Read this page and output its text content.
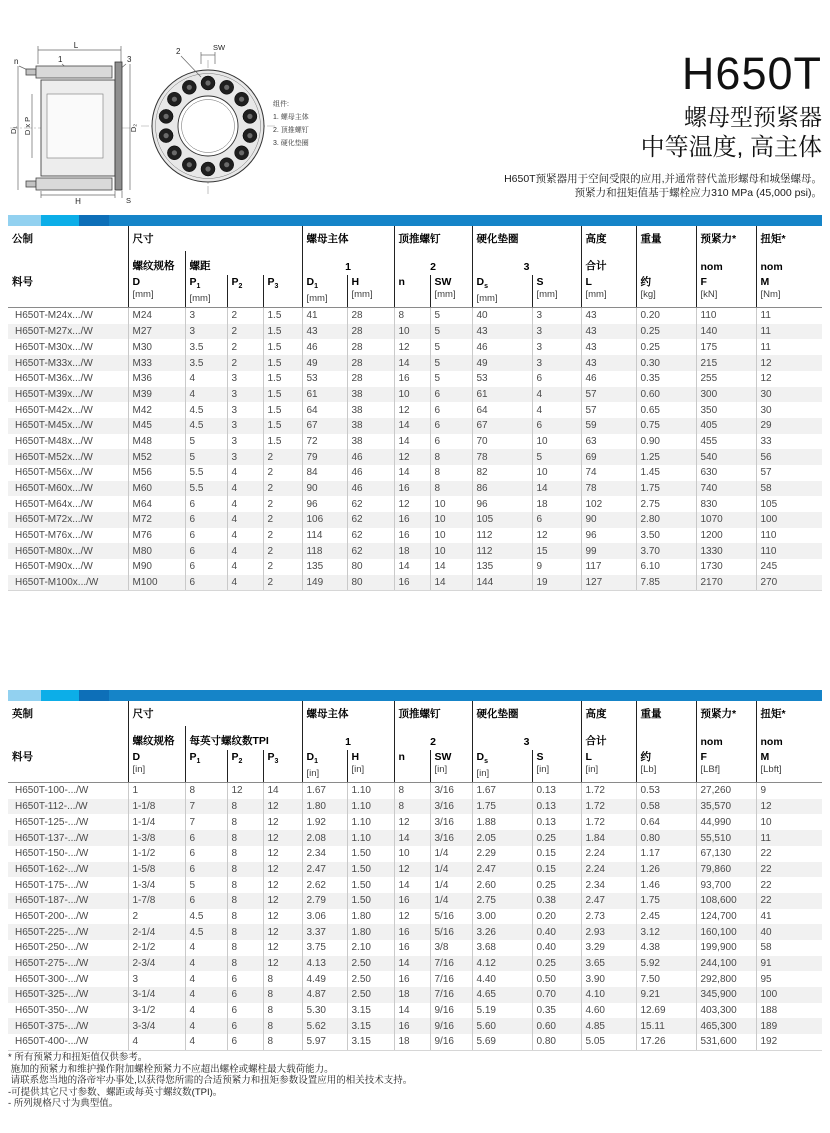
L
n	1	3
D₁ D x P	D₂
H	S
2	SW
组件:
1. 螺母主体
2. 顶推螺钉
3. 硬化垫圈
H650T
螺母型预紧器
中等温度, 高主体
H650T预紧器用于空间受限的应用,并通常替代盖形螺母和城堡螺母。
预紧力和扭矩值基于螺栓应力310 MPa (45,000 psi)。
公制	尺寸				螺母主体		顶推螺钉		硬化垫圈		高度	重量	预紧力*	扭矩*
	螺纹规格	螺距			1		2		3		合计		nom	nom

料号	D
[mm]

$P_1$
[mm]

$P_2$	$P_3$	$D_1$
[mm]

H
[mm]

n	SW
[mm]

$D_s$
[mm]

S
[mm]

L
[mm]

约
[kg]

F
[kN]

M
[Nm]

H650T-M24x.../W	M24	3	2	1.5	41	28	8	5	40	3	43	0.20	110	11
H650T-M27x.../W	M27	3	2	1.5	43	28	10	5	43	3	43	0.25	140	11
H650T-M30x.../W	M30	3.5	2	1.5	46	28	12	5	46	3	43	0.25	175	11
H650T-M33x.../W	M33	3.5	2	1.5	49	28	14	5	49	3	43	0.30	215	12
H650T-M36x.../W	M36	4	3	1.5	53	28	16	5	53	6	46	0.35	255	12
H650T-M39x.../W	M39	4	3	1.5	61	38	10	6	61	4	57	0.60	300	30
H650T-M42x.../W	M42	4.5	3	1.5	64	38	12	6	64	4	57	0.65	350	30
H650T-M45x.../W	M45	4.5	3	1.5	67	38	14	6	67	6	59	0.75	405	29
H650T-M48x.../W	M48	5	3	1.5	72	38	14	6	70	10	63	0.90	455	33
H650T-M52x.../W	M52	5	3	2	79	46	12	8	78	5	69	1.25	540	56
H650T-M56x.../W	M56	5.5	4	2	84	46	14	8	82	10	74	1.45	630	57
H650T-M60x.../W	M60	5.5	4	2	90	46	16	8	86	14	78	1.75	740	58
H650T-M64x.../W	M64	6	4	2	96	62	12	10	96	18	102	2.75	830	105
H650T-M72x.../W	M72	6	4	2	106	62	16	10	105	6	90	2.80	1070	100
H650T-M76x.../W	M76	6	4	2	114	62	16	10	112	12	96	3.50	1200	110
H650T-M80x.../W	M80	6	4	2	118	62	18	10	112	15	99	3.70	1330	110
H650T-M90x.../W	M90	6	4	2	135	80	14	14	135	9	117	6.10	1730	245
H650T-M100x.../W	M100	6	4	2	149	80	16	14	144	19	127	7.85	2170	270
英制	尺寸				螺母主体		顶推螺钉		硬化垫圈		高度	重量	预紧力*	扭矩*
	螺纹规格	每英寸螺纹数TPI			1		2		3		合计		nom	nom

料号	D
[in]

$P_1$	$P_2$	$P_3$	$D_1$
[in]

H
[in]

n	SW
[in]

$D_s$
[in]

S
[in]

L
[in]

约
[Lb]

F
[LBf]

M
[Lbft]

H650T-100-.../W	1	8	12	14	1.67	1.10	8	3/16	1.67	0.13	1.72	0.53	27,260	9
H650T-112-.../W	1-1/8	7	8	12	1.80	1.10	8	3/16	1.75	0.13	1.72	0.58	35,570	12
H650T-125-.../W	1-1/4	7	8	12	1.92	1.10	12	3/16	1.88	0.13	1.72	0.64	44,990	10
H650T-137-.../W	1-3/8	6	8	12	2.08	1.10	14	3/16	2.05	0.25	1.84	0.80	55,510	11
H650T-150-.../W	1-1/2	6	8	12	2.34	1.50	10	1/4	2.29	0.15	2.24	1.17	67,130	22
H650T-162-.../W	1-5/8	6	8	12	2.47	1.50	12	1/4	2.47	0.15	2.24	1.26	79,860	22
H650T-175-.../W	1-3/4	5	8	12	2.62	1.50	14	1/4	2.60	0.25	2.34	1.46	93,700	22
H650T-187-.../W	1-7/8	6	8	12	2.79	1.50	16	1/4	2.75	0.38	2.47	1.75	108,600	22
H650T-200-.../W	2	4.5	8	12	3.06	1.80	12	5/16	3.00	0.20	2.73	2.45	124,700	41
H650T-225-.../W	2-1/4	4.5	8	12	3.37	1.80	16	5/16	3.26	0.40	2.93	3.12	160,100	40
H650T-250-.../W	2-1/2	4	8	12	3.75	2.10	16	3/8	3.68	0.40	3.29	4.38	199,900	58
H650T-275-.../W	2-3/4	4	8	12	4.13	2.50	14	7/16	4.12	0.25	3.65	5.92	244,100	91
H650T-300-.../W	3	4	6	8	4.49	2.50	16	7/16	4.40	0.50	3.90	7.50	292,800	95
H650T-325-.../W	3-1/4	4	6	8	4.87	2.50	18	7/16	4.65	0.70	4.10	9.21	345,900	100
H650T-350-.../W	3-1/2	4	6	8	5.30	3.15	14	9/16	5.19	0.35	4.60	12.69	403,300	188
H650T-375-.../W	3-3/4	4	6	8	5.62	3.15	16	9/16	5.60	0.60	4.85	15.11	465,300	189
H650T-400-.../W	4	4	6	8	5.97	3.15	18	9/16	5.69	0.80	5.05	17.26	531,600	192
* 所有预紧力和扭矩值仅供参考。
施加的预紧力和维护操作附加螺栓预紧力不应超出螺栓或螺柱最大载荷能力。
请联系您当地的洛帝牢办事处,以获得您所需的合适预紧力和扭矩参数设置应用的相关技术支持。
-可提供其它尺寸参数、螺距或每英寸螺纹数(TPI)。
- 所列规格尺寸为典型值。
